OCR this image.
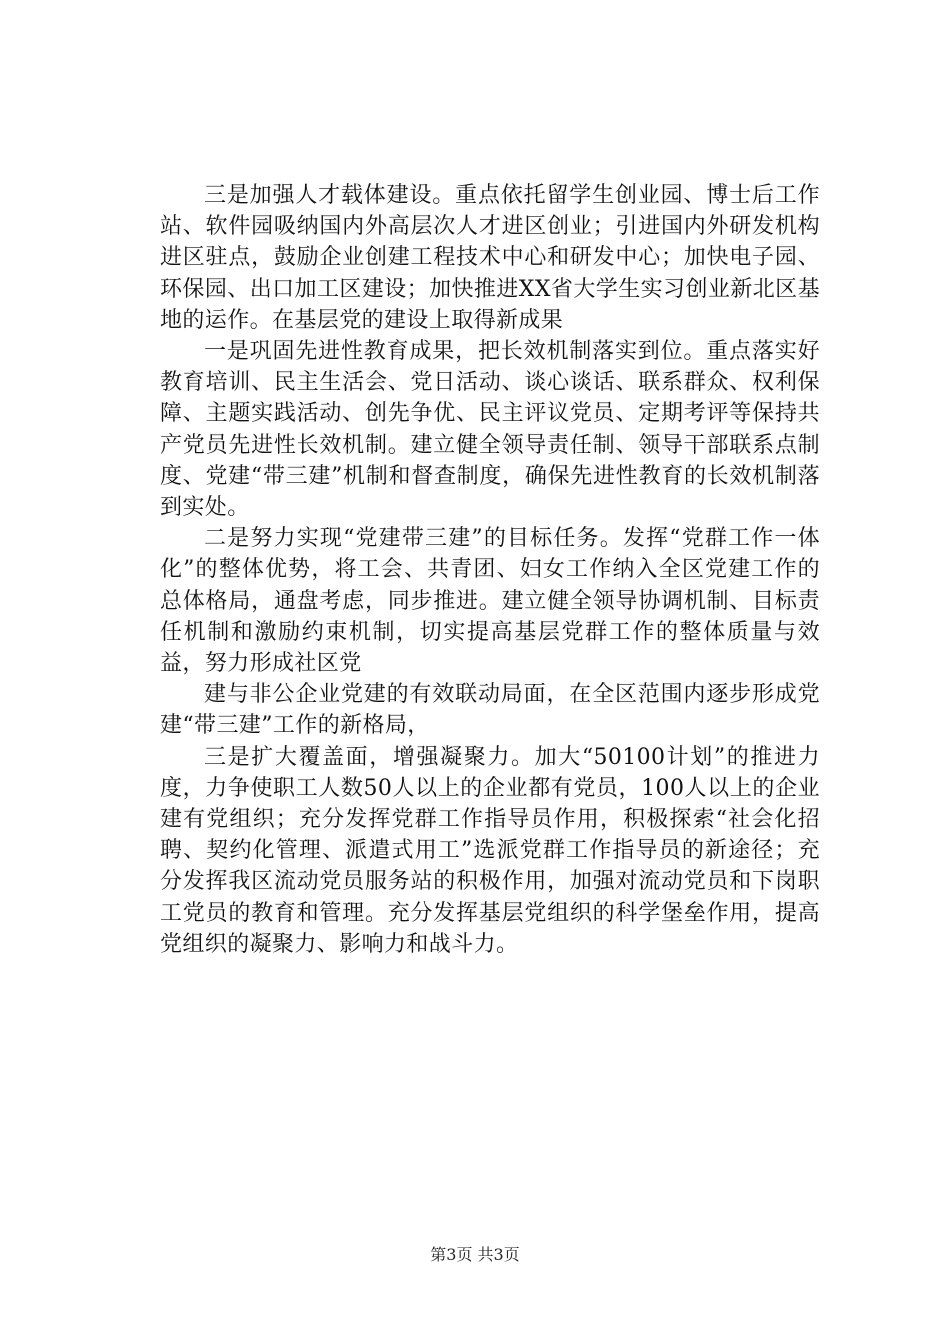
三是加强人才载体建设。重点依托留学生创业园、博士后工作站、软件园吸纳国内外高层次人才进区创业；引进国内外研发机构进区驻点，鼓励企业创建工程技术中心和研发中心；加快电子园、环保园、出口加工区建设；加快推进XX省大学生实习创业新北区基地的运作。在基层党的建设上取得新成果

一是巩固先进性教育成果，把长效机制落实到位。重点落实好教育培训、民主生活会、党日活动、谈心谈话、联系群众、权利保障、主题实践活动、创先争优、民主评议党员、定期考评等保持共产党员先进性长效机制。建立健全领导责任制、领导干部联系点制度、党建“带三建”机制和督查制度，确保先进性教育的长效机制落到实处。

二是努力实现“党建带三建”的目标任务。发挥“党群工作一体化”的整体优势，将工会、共青团、妇女工作纳入全区党建工作的总体格局，通盘考虑，同步推进。建立健全领导协调机制、目标责任机制和激励约束机制，切实提高基层党群工作的整体质量与效益，努力形成社区党

建与非公企业党建的有效联动局面，在全区范围内逐步形成党建“带三建”工作的新格局，

三是扩大覆盖面，增强凝聚力。加大“50100计划”的推进力度，力争使职工人数50人以上的企业都有党员，100人以上的企业建有党组织；充分发挥党群工作指导员作用，积极探索“社会化招聘、契约化管理、派遣式用工”选派党群工作指导员的新途径；充分发挥我区流动党员服务站的积极作用，加强对流动党员和下岗职工党员的教育和管理。充分发挥基层党组织的科学堡垒作用，提高党组织的凝聚力、影响力和战斗力。

第3页 共3页
